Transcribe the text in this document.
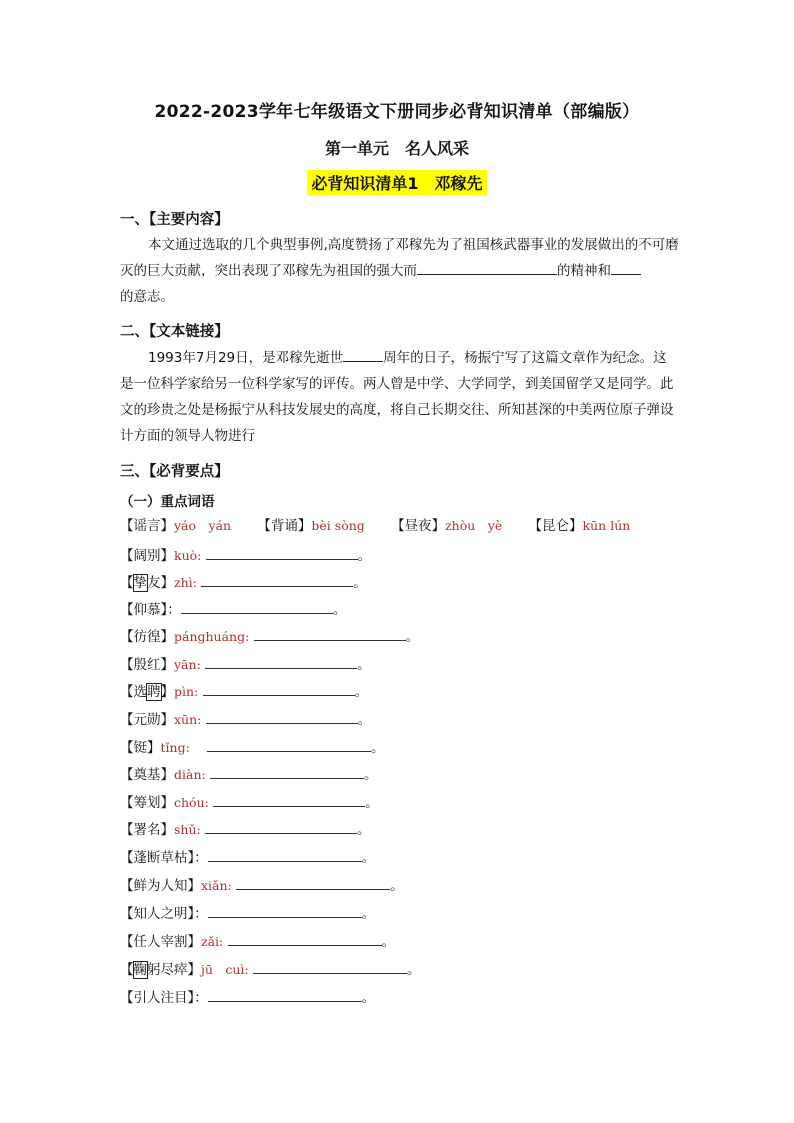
2022-2023学年七年级语文下册同步必背知识清单（部编版）
第一单元　名人风采
必背知识清单1　邓稼先
一、【主要内容】
本文通过选取的几个典型事例,高度赞扬了邓稼先为了祖国核武器事业的发展做出的不可磨灭的巨大贡献，突出表现了邓稼先为祖国的强大而	的精神和
的意志。
二、【文本链接】
1993年7月29日，是邓稼先逝世	周年的日子，杨振宁写了这篇文章作为纪念。这是一位科学家给另一位科学家写的评传。两人曾是中学、大学同学，到美国留学又是同学。此文的珍贵之处是杨振宁从科技发展史的高度，将自己长期交往、所知甚深的中美两位原子弹设计方面的领导人物进行
三、【必背要点】
（一）重点词语
【谣言】yáo　yán 【背诵】bèi sòng 【昼夜】zhòu　yè 【昆仑】kūn lún
【阔别】kuò:	。
【挚友】zhì:	。
【仰慕】：	。
【彷徨】pánghuáng:	。
【殷红】yān:	。
【选聘】pìn:	。
【元勋】xūn:	。
【铤】tǐng:	。
【奠基】diàn:	。
【筹划】chóu:	。
【署名】shǔ:	。
【蓬断草枯】：	。
【鲜为人知】xiǎn:	。
【知人之明】：	。
【任人宰割】zǎi:	。
【鞠躬尽瘁】jū　cuì:	。
【引人注目】：	。
